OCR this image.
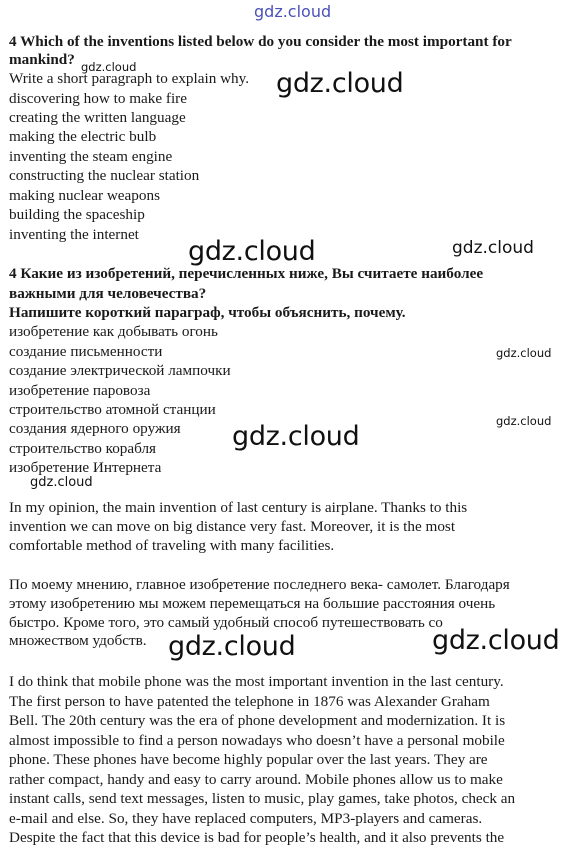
gdz.cloud
4 Which of the inventions listed below do you consider the most important for
mankind?
Write a short paragraph to explain why.
discovering how to make fire
creating the written language
making the electric bulb
inventing the steam engine
constructing the nuclear station
making nuclear weapons
building the spaceship
inventing the internet
4 Какие из изобретений, перечисленных ниже, Вы считаете наиболее
важными для человечества?
Напишите короткий параграф, чтобы объяснить, почему.
изобретение как добывать огонь
создание письменности
создание электрической лампочки
изобретение паровоза
строительство атомной станции
создания ядерного оружия
строительство корабля
изобретение Интернета
In my opinion, the main invention of last century is airplane. Thanks to this
invention we can move on big distance very fast. Moreover, it is the most
comfortable method of traveling with many facilities.
По моему мнению, главное изобретение последнего века- самолет. Благодаря
этому изобретению мы можем перемещаться на большие расстояния очень
быстро. Кроме того, это самый удобный способ путешествовать со
множеством удобств.
I do think that mobile phone was the most important invention in the last century.
The first person to have patented the telephone in 1876 was Alexander Graham
Bell. The 20th century was the era of phone development and modernization. It is
almost impossible to find a person nowadays who doesn’t have a personal mobile
phone. These phones have become highly popular over the last years. They are
rather compact, handy and easy to carry around. Mobile phones allow us to make
instant calls, send text messages, listen to music, play games, take photos, check an
e-mail and else. So, they have replaced computers, MP3-players and cameras.
Despite the fact that this device is bad for people’s health, and it also prevents the
gdz.cloud
gdz.cloud
gdz.cloud	gdz.cloud
gdz.cloud
gdz.cloud
gdz.cloud
gdz.cloud
gdz.cloud	gdz.cloud
